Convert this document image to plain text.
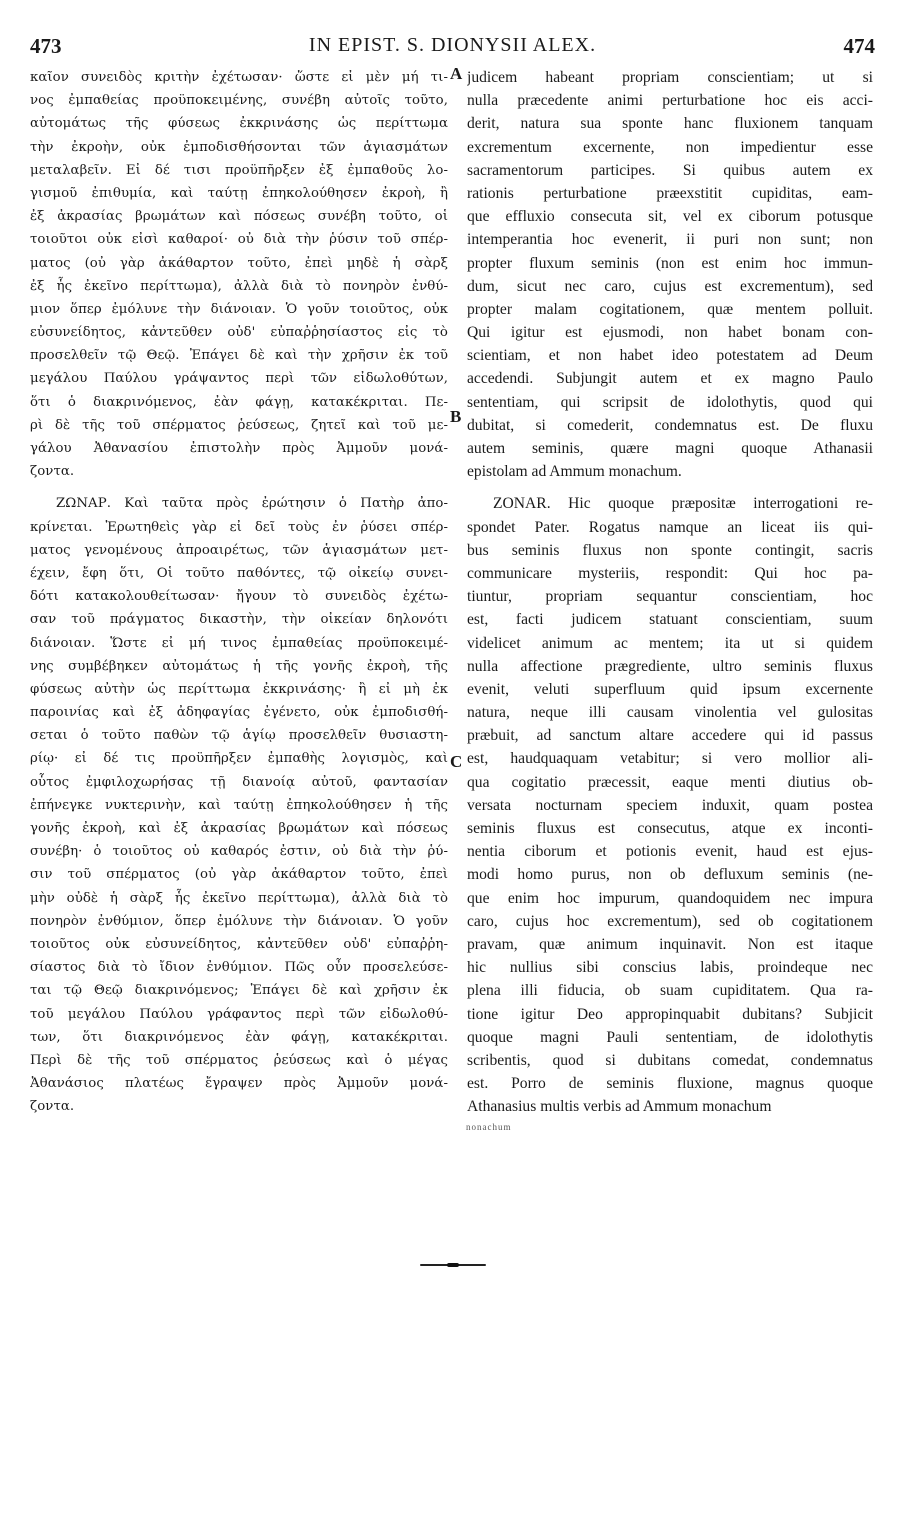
473	IN EPIST. S. DIONYSII ALEX.	474
καῖον συνειδὸς κριτὴν ἐχέτωσαν· ὥστε εἰ μὲν μή τι-
νος ἐμπαθείας προϋποκειμένης, συνέβη αὐτοῖς τοῦτο,
αὐτομάτως τῆς φύσεως ἐκκρινάσης ὡς περίττωμα
τὴν ἐκροὴν, οὐκ ἐμποδισθήσονται τῶν ἁγιασμάτων
μεταλαβεῖν. Εἰ δέ τισι προϋπῆρξεν ἐξ ἐμπαθοῦς λο-
γισμοῦ ἐπιθυμία, καὶ ταύτῃ ἐπηκολούθησεν ἐκροὴ, ἢ
ἐξ ἀκρασίας βρωμάτων καὶ πόσεως συνέβη τοῦτο, οἱ
τοιοῦτοι οὐκ εἰσὶ καθαροί· οὐ διὰ τὴν ῥύσιν τοῦ σπέρ-
ματος (οὐ γὰρ ἀκάθαρτον τοῦτο, ἐπεὶ μηδὲ ἡ σὰρξ
ἐξ ἧς ἐκεῖνο περίττωμα), ἀλλὰ διὰ τὸ πονηρὸν ἐνθύ-
μιον ὅπερ ἐμόλυνε τὴν διάνοιαν. Ὁ γοῦν τοιοῦτος, οὐκ
εὐσυνείδητος, κἀντεῦθεν οὐδ' εὐπαῤῥησίαστος εἰς τὸ
προσελθεῖν τῷ Θεῷ. Ἐπάγει δὲ καὶ τὴν χρῆσιν ἐκ τοῦ
μεγάλου Παύλου γράψαντος περὶ τῶν εἰδωλοθύτων,
ὅτι ὁ διακρινόμενος, ἐὰν φάγῃ, κατακέκριται. Πε-
ρὶ δὲ τῆς τοῦ σπέρματος ῥεύσεως, ζητεῖ καὶ τοῦ με-
γάλου Ἀθανασίου ἐπιστολὴν πρὸς Ἀμμοῦν μονά-
ζοντα.
ΖΩΝΑΡ. Καὶ ταῦτα πρὸς ἐρώτησιν ὁ Πατὴρ ἀπο-
κρίνεται. Ἐρωτηθεὶς γὰρ εἰ δεῖ τοὺς ἐν ῥύσει σπέρ-
ματος γενομένους ἀπροαιρέτως, τῶν ἁγιασμάτων μετ-
έχειν, ἔφη ὅτι, Οἱ τοῦτο παθόντες, τῷ οἰκείῳ συνει-
δότι κατακολουθείτωσαν· ἤγουν τὸ συνειδὸς ἐχέτω-
σαν τοῦ πράγματος δικαστὴν, τὴν οἰκείαν δηλονότι
διάνοιαν. Ὥστε εἰ μή τινος ἐμπαθείας προϋποκειμέ-
νης συμβέβηκεν αὐτομάτως ἡ τῆς γονῆς ἐκροὴ, τῆς
φύσεως αὐτὴν ὡς περίττωμα ἐκκρινάσης· ἢ εἰ μὴ ἐκ
παροινίας καὶ ἐξ ἀδηφαγίας ἐγένετο, οὐκ ἐμποδισθή-
σεται ὁ τοῦτο παθὼν τῷ ἁγίῳ προσελθεῖν θυσιαστη-
ρίῳ· εἰ δέ τις προϋπῆρξεν ἐμπαθὴς λογισμὸς, καὶ
οὗτος ἐμφιλοχωρήσας τῇ διανοίᾳ αὐτοῦ, φαντασίαν
ἐπήνεγκε νυκτερινὴν, καὶ ταύτῃ ἐπηκολούθησεν ἡ τῆς
γονῆς ἐκροὴ, καὶ ἐξ ἀκρασίας βρωμάτων καὶ πόσεως
συνέβη· ὁ τοιοῦτος οὐ καθαρός ἐστιν, οὐ διὰ τὴν ῥύ-
σιν τοῦ σπέρματος (οὐ γὰρ ἀκάθαρτον τοῦτο, ἐπεὶ
μὴν οὐδὲ ἡ σὰρξ ἧς ἐκεῖνο περίττωμα), ἀλλὰ διὰ τὸ
πονηρὸν ἐνθύμιον, ὅπερ ἐμόλυνε τὴν διάνοιαν. Ὁ γοῦν
τοιοῦτος οὐκ εὐσυνείδητος, κἀντεῦθεν οὐδ' εὐπαῤῥη-
σίαστος διὰ τὸ ἴδιον ἐνθύμιον. Πῶς οὖν προσελεύσε-
ται τῷ Θεῷ διακρινόμενος; Ἐπάγει δὲ καὶ χρῆσιν ἐκ
τοῦ μεγάλου Παύλου γράφαντος περὶ τῶν εἰδωλοθύ-
των, ὅτι διακρινόμενος ἐὰν φάγῃ, κατακέκριται.
Περὶ δὲ τῆς τοῦ σπέρματος ῥεύσεως καὶ ὁ μέγας
Ἀθανάσιος πλατέως ἔγραψεν πρὸς Ἀμμοῦν μονά-
ζοντα.
judicem habeant propriam conscientiam; ut si
nulla præcedente animi perturbatione hoc eis acci-
derit, natura sua sponte hanc fluxionem tanquam
excrementum excernente, non impedientur esse
sacramentorum participes. Si quibus autem ex
rationis perturbatione præexstitit cupiditas, eam-
que effluxio consecuta sit, vel ex ciborum potusque
intemperantia hoc evenerit, ii puri non sunt; non
propter fluxum seminis (non est enim hoc immun-
dum, sicut nec caro, cujus est excrementum), sed
propter malam cogitationem, quæ mentem polluit.
Qui igitur est ejusmodi, non habet bonam con-
scientiam, et non habet ideo potestatem ad Deum
accedendi. Subjungit autem et ex magno Paulo
sententiam, qui scripsit de idolothytis, quod qui
dubitat, si comederit, condemnatus est. De fluxu
autem seminis, quære magni quoque Athanasii
epistolam ad Ammum monachum.
ZONAR. Hic quoque præpositæ interrogationi re-
spondet Pater. Rogatus namque an liceat iis qui-
bus seminis fluxus non sponte contingit, sacris
communicare mysteriis, respondit: Qui hoc pa-
tiuntur, propriam sequantur conscientiam, hoc
est, facti judicem statuant conscientiam, suum
videlicet animum ac mentem; ita ut si quidem
nulla affectione prægrediente, ultro seminis fluxus
evenit, veluti superfluum quid ipsum excernente
natura, neque illi causam vinolentia vel gulositas
præbuit, ad sanctum altare accedere qui id passus
est, haudquaquam vetabitur; si vero mollior ali-
qua cogitatio præcessit, eaque menti diutius ob-
versata nocturnam speciem induxit, quam postea
seminis fluxus est consecutus, atque ex inconti-
nentia ciborum et potionis evenit, haud est ejus-
modi homo purus, non ob defluxum seminis (ne-
que enim hoc impurum, quandoquidem nec impura
caro, cujus hoc excrementum), sed ob cogitationem
pravam, quæ animum inquinavit. Non est itaque
hic nullius sibi conscius labis, proindeque nec
plena illi fiducia, ob suam cupiditatem. Qua ra-
tione igitur Deo appropinquabit dubitans? Subjicit
quoque magni Pauli sententiam, de idolothytis
scribentis, quod si dubitans comedat, condemnatus
est. Porro de seminis fluxione, magnus quoque
Athanasius multis verbis ad Ammum monachum
A
B
C
nonachum
